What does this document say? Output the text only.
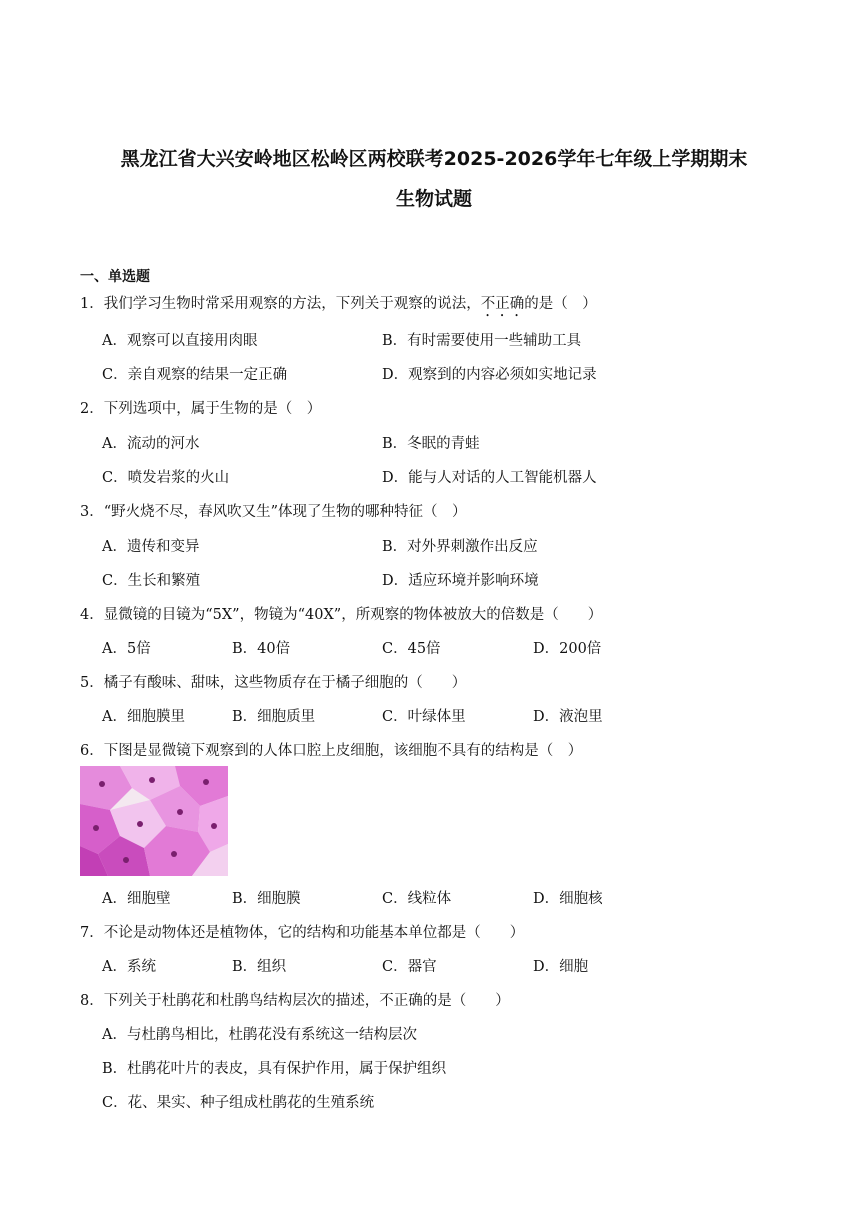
黑龙江省大兴安岭地区松岭区两校联考2025-2026学年七年级上学期期末
生物试题
一、单选题
1．我们学习生物时常采用观察的方法，下列关于观察的说法，不正确的是（　）
A．观察可以直接用肉眼	B．有时需要使用一些辅助工具
C．亲自观察的结果一定正确	D．观察到的内容必须如实地记录
2．下列选项中，属于生物的是（　）
A．流动的河水	B．冬眠的青蛙
C．喷发岩浆的火山	D．能与人对话的人工智能机器人
3．“野火烧不尽，春风吹又生”体现了生物的哪种特征（　）
A．遗传和变异	B．对外界刺激作出反应
C．生长和繁殖	D．适应环境并影响环境
4．显微镜的目镜为“5X”，物镜为“40X”，所观察的物体被放大的倍数是（　　）
A．5倍	B．40倍	C．45倍	D．200倍
5．橘子有酸味、甜味，这些物质存在于橘子细胞的（　　）
A．细胞膜里	B．细胞质里	C．叶绿体里	D．液泡里
6．下图是显微镜下观察到的人体口腔上皮细胞，该细胞不具有的结构是（　）
A．细胞壁	B．细胞膜	C．线粒体	D．细胞核
7．不论是动物体还是植物体，它的结构和功能基本单位都是（　　）
A．系统	B．组织	C．器官	D．细胞
8．下列关于杜鹃花和杜鹃鸟结构层次的描述，不正确的是（　　）
A．与杜鹃鸟相比，杜鹃花没有系统这一结构层次
B．杜鹃花叶片的表皮，具有保护作用，属于保护组织
C．花、果实、种子组成杜鹃花的生殖系统
